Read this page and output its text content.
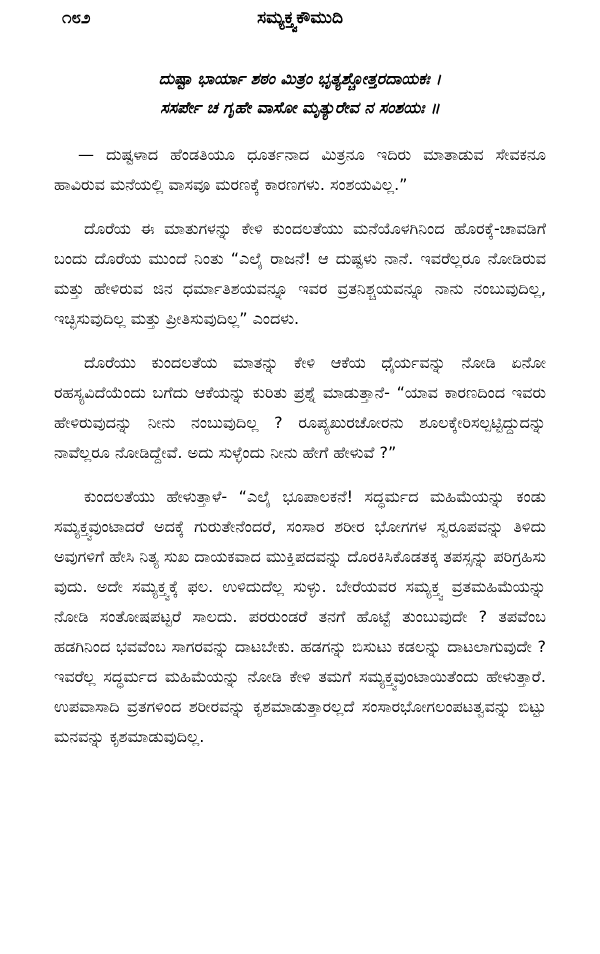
೧೮೨	ಸಮ್ಯಕ್ತ್ವಕೌಮುದಿ
ದುಷ್ಟಾ ಭಾರ್ಯಾ ಶಠಂ ಮಿತ್ರಂ ಭೃತ್ಯಶ್ಚೋತ್ತರದಾಯಕಃ ।
ಸಸರ್ಪೇ ಚ ಗೃಹೇ ವಾಸೋ ಮೃತ್ಯುರೇವ ನ ಸಂಶಯಃ ॥

— ದುಷ್ಟಳಾದ ಹೆಂಡತಿಯೂ ಧೂರ್ತನಾದ ಮಿತ್ರನೂ ಇದಿರು ಮಾತಾಡುವ ಸೇವಕನೂ ಹಾವಿರುವ ಮನೆಯಲ್ಲಿ ವಾಸವೂ ಮರಣಕ್ಕೆ ಕಾರಣಗಳು. ಸಂಶಯವಿಲ್ಲ.”

ದೊರೆಯ ಈ ಮಾತುಗಳನ್ನು ಕೇಳಿ ಕುಂದಲತೆಯು ಮನೆಯೊಳಗಿನಿಂದ ಹೊರಕ್ಕೆ-ಚಾವಡಿಗೆ ಬಂದು ದೊರೆಯ ಮುಂದೆ ನಿಂತು “ಎಲೈ ರಾಜನೆ! ಆ ದುಷ್ಟಳು ನಾನೆ. ಇವರೆಲ್ಲರೂ ನೋಡಿರುವ ಮತ್ತು ಹೇಳಿರುವ ಜಿನ ಧರ್ಮಾತಿಶಯವನ್ನೂ ಇವರ ವ್ರತನಿಶ್ಚಯವನ್ನೂ ನಾನು ನಂಬುವುದಿಲ್ಲ, ಇಚ್ಛಿಸುವುದಿಲ್ಲ ಮತ್ತು ಪ್ರೀತಿಸುವುದಿಲ್ಲ” ಎಂದಳು.

ದೊರೆಯು ಕುಂದಲತೆಯ ಮಾತನ್ನು ಕೇಳಿ ಆಕೆಯ ಧೈರ್ಯವನ್ನು ನೋಡಿ ಏನೋ ರಹಸ್ಯವಿದೆಯೆಂದು ಬಗೆದು ಆಕೆಯನ್ನು ಕುರಿತು ಪ್ರಶ್ನೆ ಮಾಡುತ್ತಾನೆ- “ಯಾವ ಕಾರಣದಿಂದ ಇವರು ಹೇಳಿರುವುದನ್ನು ನೀನು ನಂಬುವುದಿಲ್ಲ ? ರೂಪ್ಯಖುರಚೋರನು ಶೂಲಕ್ಕೇರಿಸಲ್ಪಟ್ಟಿದ್ದುದನ್ನು ನಾವೆಲ್ಲರೂ ನೋಡಿದ್ದೇವೆ. ಅದು ಸುಳ್ಳೆಂದು ನೀನು ಹೇಗೆ ಹೇಳುವೆ ?”

ಕುಂದಲತೆಯು ಹೇಳುತ್ತಾಳೆ- “ಎಲೈ ಭೂಪಾಲಕನೆ! ಸದ್ಧರ್ಮದ ಮಹಿಮೆಯನ್ನು ಕಂಡು ಸಮ್ಯಕ್ತ್ವವುಂಟಾದರೆ ಅದಕ್ಕೆ ಗುರುತೇನೆಂದರೆ, ಸಂಸಾರ ಶರೀರ ಭೋಗಗಳ ಸ್ವರೂಪವನ್ನು ತಿಳಿದು ಅವುಗಳಿಗೆ ಹೇಸಿ ನಿತ್ಯ ಸುಖ ದಾಯಕವಾದ ಮುಕ್ತಿಪದವನ್ನು ದೊರಕಿಸಿಕೊಡತಕ್ಕ ತಪಸ್ಸನ್ನು ಪರಿಗ್ರಹಿಸು ವುದು. ಅದೇ ಸಮ್ಯಕ್ತ್ವಕ್ಕೆ ಫಲ. ಉಳಿದುದೆಲ್ಲ ಸುಳ್ಳು. ಬೇರೆಯವರ ಸಮ್ಯಕ್ತ್ವ ವ್ರತಮಹಿಮೆಯನ್ನು ನೋಡಿ ಸಂತೋಷಪಟ್ಟರೆ ಸಾಲದು. ಪರರುಂಡರೆ ತನಗೆ ಹೊಟ್ಟೆ ತುಂಬುವುದೇ ? ತಪವೆಂಬ ಹಡಗಿನಿಂದ ಭವವೆಂಬ ಸಾಗರವನ್ನು ದಾಟಬೇಕು. ಹಡಗನ್ನು ಬಿಸುಟು ಕಡಲನ್ನು ದಾಟಲಾಗುವುದೇ ? ಇವರೆಲ್ಲ ಸದ್ಧರ್ಮದ ಮಹಿಮೆಯನ್ನು ನೋಡಿ ಕೇಳಿ ತಮಗೆ ಸಮ್ಯಕ್ತ್ವವುಂಟಾಯಿತೆಂದು ಹೇಳುತ್ತಾರೆ. ಉಪವಾಸಾದಿ ವ್ರತಗಳಿಂದ ಶರೀರವನ್ನು ಕೃಶಮಾಡುತ್ತಾರಲ್ಲದೆ ಸಂಸಾರಭೋಗಲಂಪಟತ್ವವನ್ನು ಬಿಟ್ಟು ಮನವನ್ನು ಕೃಶಮಾಡುವುದಿಲ್ಲ.
